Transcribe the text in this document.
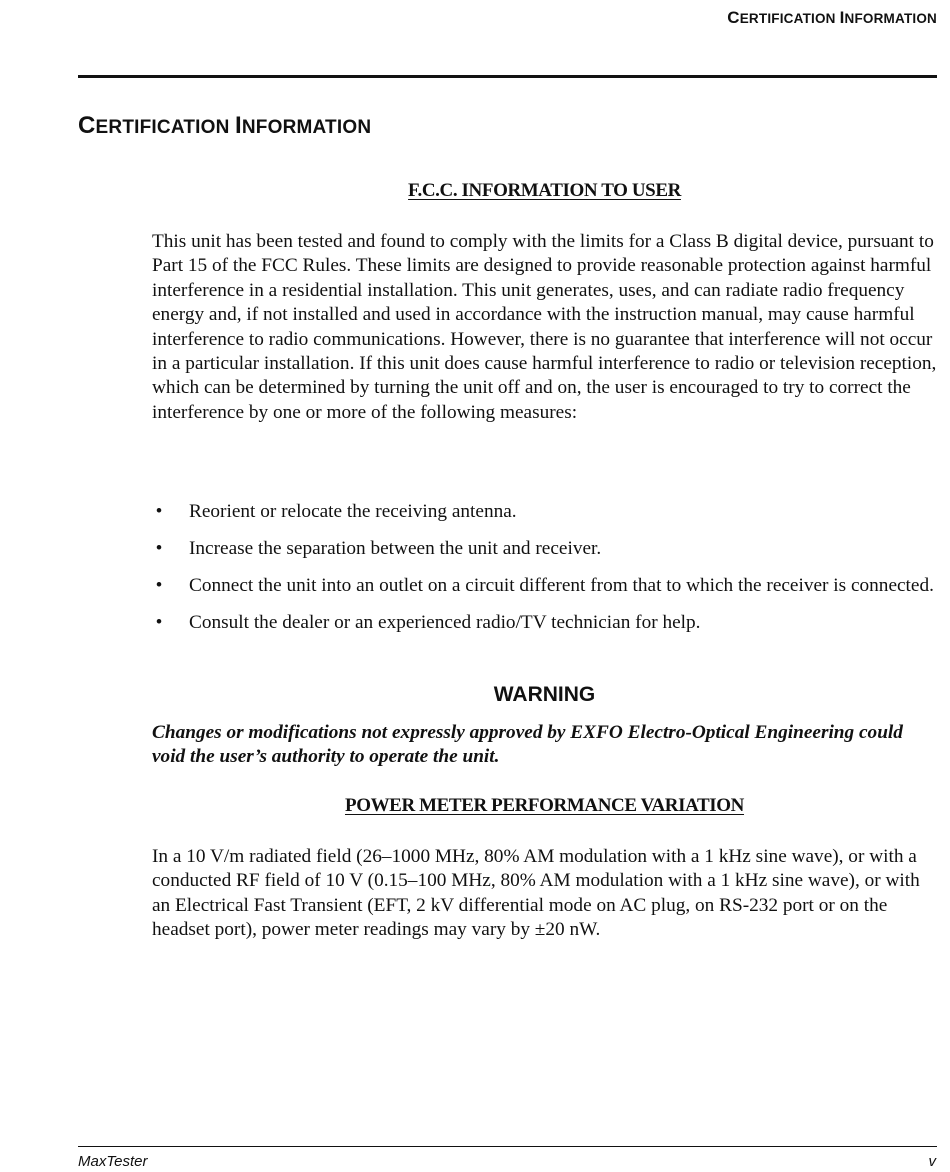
CERTIFICATION INFORMATION
CERTIFICATION INFORMATION
F.C.C. INFORMATION TO USER

This unit has been tested and found to comply with the limits for a Class B digital device, pursuant to Part 15 of the FCC Rules. These limits are designed to provide reasonable protection against harmful interference in a residential installation. This unit generates, uses, and can radiate radio frequency energy and, if not installed and used in accordance with the instruction manual, may cause harmful interference to radio communications. However, there is no guarantee that interference will not occur in a particular installation. If this unit does cause harmful interference to radio or television reception, which can be determined by turning the unit off and on, the user is encouraged to try to correct the interference by one or more of the following measures:

• Reorient or relocate the receiving antenna.
• Increase the separation between the unit and receiver.
• Connect the unit into an outlet on a circuit different from that to which the receiver is connected.
• Consult the dealer or an experienced radio/TV technician for help.
WARNING

Changes or modifications not expressly approved by EXFO Electro-Optical Engineering could void the user’s authority to operate the unit.

POWER METER PERFORMANCE VARIATION

In a 10 V/m radiated field (26–1000 MHz, 80% AM modulation with a 1 kHz sine wave), or with a conducted RF field of 10 V (0.15–100 MHz, 80% AM modulation with a 1 kHz sine wave), or with an Electrical Fast Transient (EFT, 2 kV differential mode on AC plug, on RS-232 port or on the headset port), power meter readings may vary by ±20 nW.

MaxTester	v
